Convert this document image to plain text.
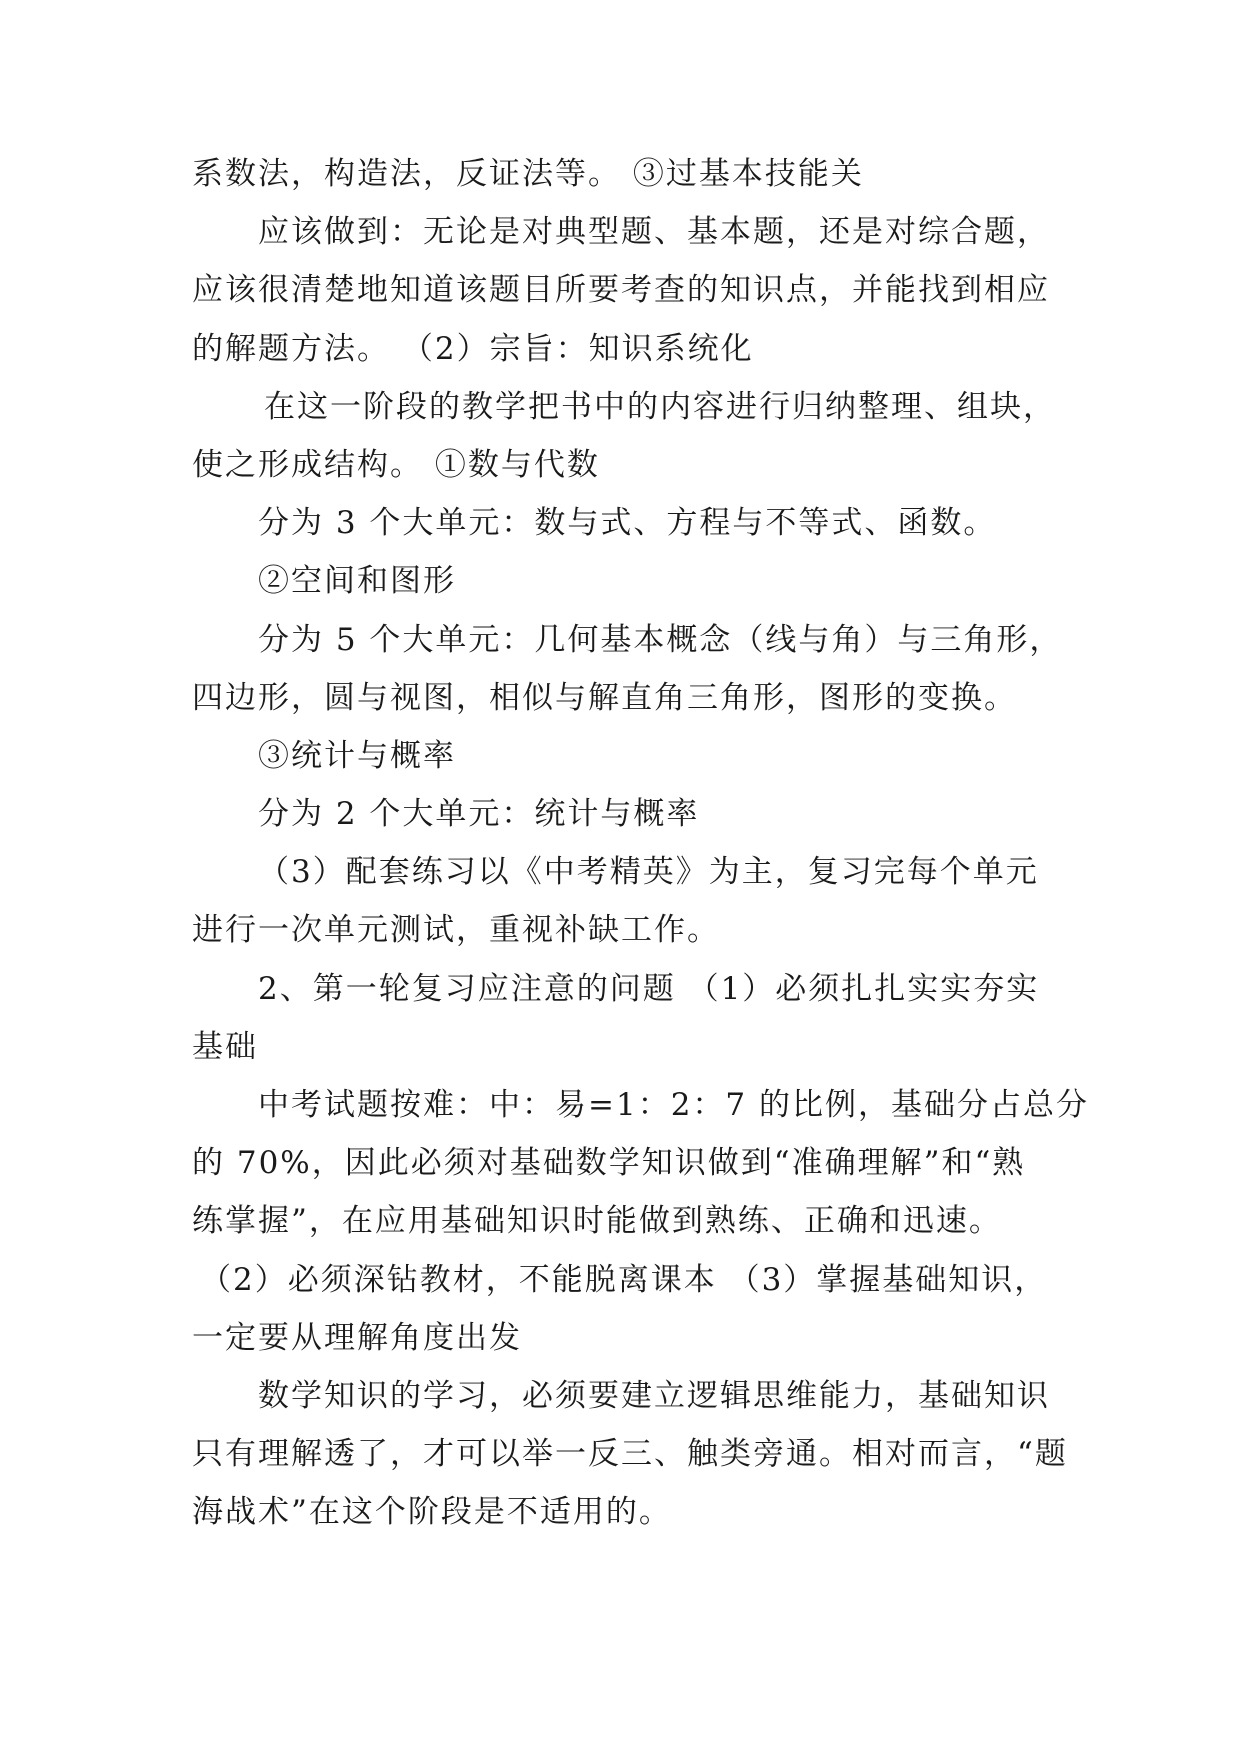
系数法，构造法，反证法等。 ③过基本技能关
应该做到：无论是对典型题、基本题，还是对综合题，
应该很清楚地知道该题目所要考查的知识点，并能找到相应
的解题方法。 （2）宗旨：知识系统化
在这一阶段的教学把书中的内容进行归纳整理、组块，
使之形成结构。 ①数与代数
分为 3 个大单元：数与式、方程与不等式、函数。
②空间和图形
分为 5 个大单元：几何基本概念（线与角）与三角形，
四边形，圆与视图，相似与解直角三角形，图形的变换。
③统计与概率
分为 2 个大单元：统计与概率
（3）配套练习以《中考精英》为主，复习完每个单元
进行一次单元测试，重视补缺工作。
2、第一轮复习应注意的问题 （1）必须扎扎实实夯实
基础
中考试题按难：中：易=1：2：7 的比例，基础分占总分
的 70%，因此必须对基础数学知识做到“准确理解”和“熟
练掌握”，在应用基础知识时能做到熟练、正确和迅速。
（2）必须深钻教材，不能脱离课本 （3）掌握基础知识，
一定要从理解角度出发
数学知识的学习，必须要建立逻辑思维能力，基础知识
只有理解透了，才可以举一反三、触类旁通。相对而言，“题
海战术”在这个阶段是不适用的。
